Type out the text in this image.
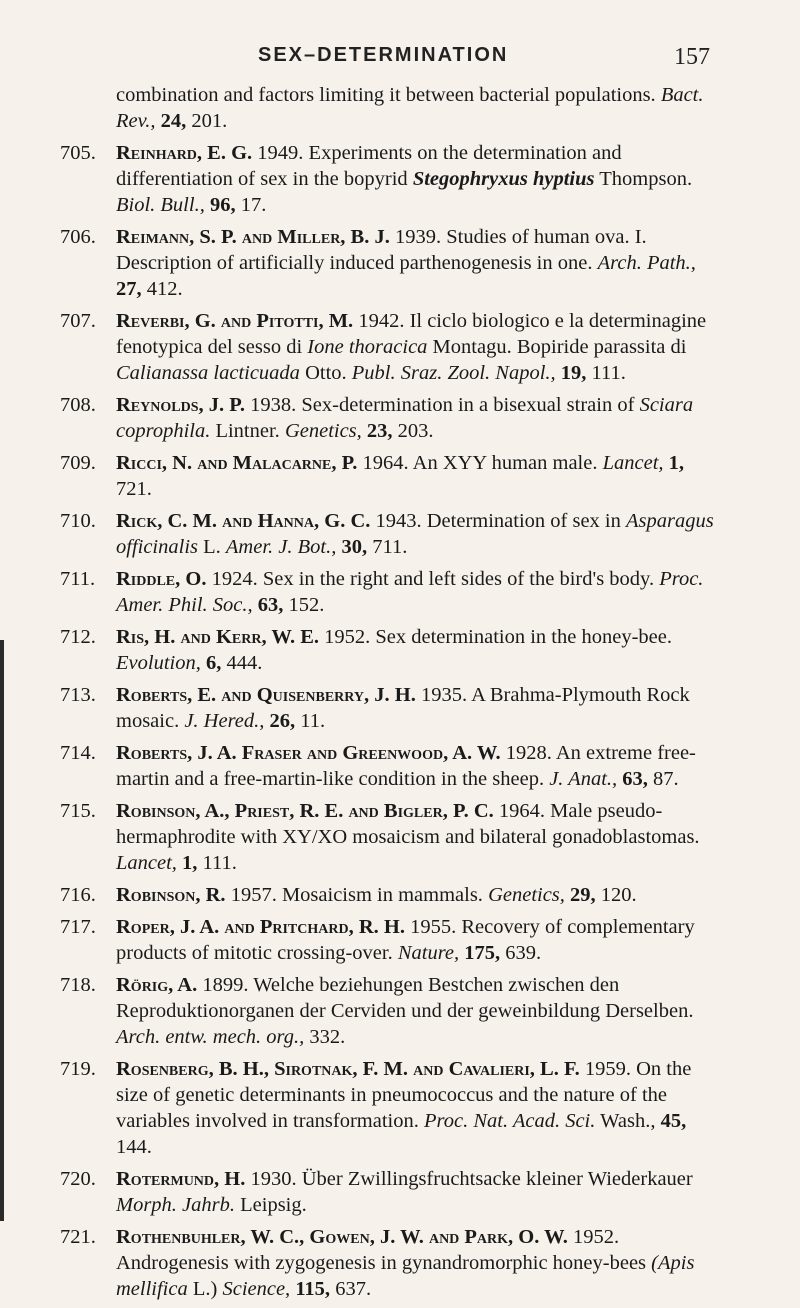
SEX–DETERMINATION	157
combination and factors limiting it between bacterial populations. Bact. Rev., 24, 201.
705. Reinhard, E. G. 1949. Experiments on the determination and differentiation of sex in the bopyrid Stegophryxus hyptius Thompson. Biol. Bull., 96, 17.
706. Reimann, S. P. and Miller, B. J. 1939. Studies of human ova. I. Description of artificially induced parthenogenesis in one. Arch. Path., 27, 412.
707. Reverbi, G. and Pitotti, M. 1942. Il ciclo biologico e la determinagine fenotypica del sesso di Ione thoracica Montagu. Bopiride parassita di Calianassa lacticuada Otto. Publ. Sraz. Zool. Napol., 19, 111.
708. Reynolds, J. P. 1938. Sex-determination in a bisexual strain of Sciara coprophila. Lintner. Genetics, 23, 203.
709. Ricci, N. and Malacarne, P. 1964. An XYY human male. Lancet, 1, 721.
710. Rick, C. M. and Hanna, G. C. 1943. Determination of sex in Asparagus officinalis L. Amer. J. Bot., 30, 711.
711. Riddle, O. 1924. Sex in the right and left sides of the bird's body. Proc. Amer. Phil. Soc., 63, 152.
712. Ris, H. and Kerr, W. E. 1952. Sex determination in the honey-bee. Evolution, 6, 444.
713. Roberts, E. and Quisenberry, J. H. 1935. A Brahma-Plymouth Rock mosaic. J. Hered., 26, 11.
714. Roberts, J. A. Fraser and Greenwood, A. W. 1928. An extreme free-martin and a free-martin-like condition in the sheep. J. Anat., 63, 87.
715. Robinson, A., Priest, R. E. and Bigler, P. C. 1964. Male pseudo-hermaphrodite with XY/XO mosaicism and bilateral gonadoblastomas. Lancet, 1, 111.
716. Robinson, R. 1957. Mosaicism in mammals. Genetics, 29, 120.
717. Roper, J. A. and Pritchard, R. H. 1955. Recovery of complementary products of mitotic crossing-over. Nature, 175, 639.
718. Rörig, A. 1899. Welche beziehungen Bestchen zwischen den Reproduktionorganen der Cerviden und der geweinbildung Derselben. Arch. entw. mech. org., 332.
719. Rosenberg, B. H., Sirotnak, F. M. and Cavalieri, L. F. 1959. On the size of genetic determinants in pneumococcus and the nature of the variables involved in transformation. Proc. Nat. Acad. Sci. Wash., 45, 144.
720. Rotermund, H. 1930. Über Zwillingsfruchtsacke kleiner Wiederkauer Morph. Jahrb. Leipsig.
721. Rothenbuhler, W. C., Gowen, J. W. and Park, O. W. 1952. Androgenesis with zygogenesis in gynandromorphic honey-bees (Apis mellifica L.) Science, 115, 637.
